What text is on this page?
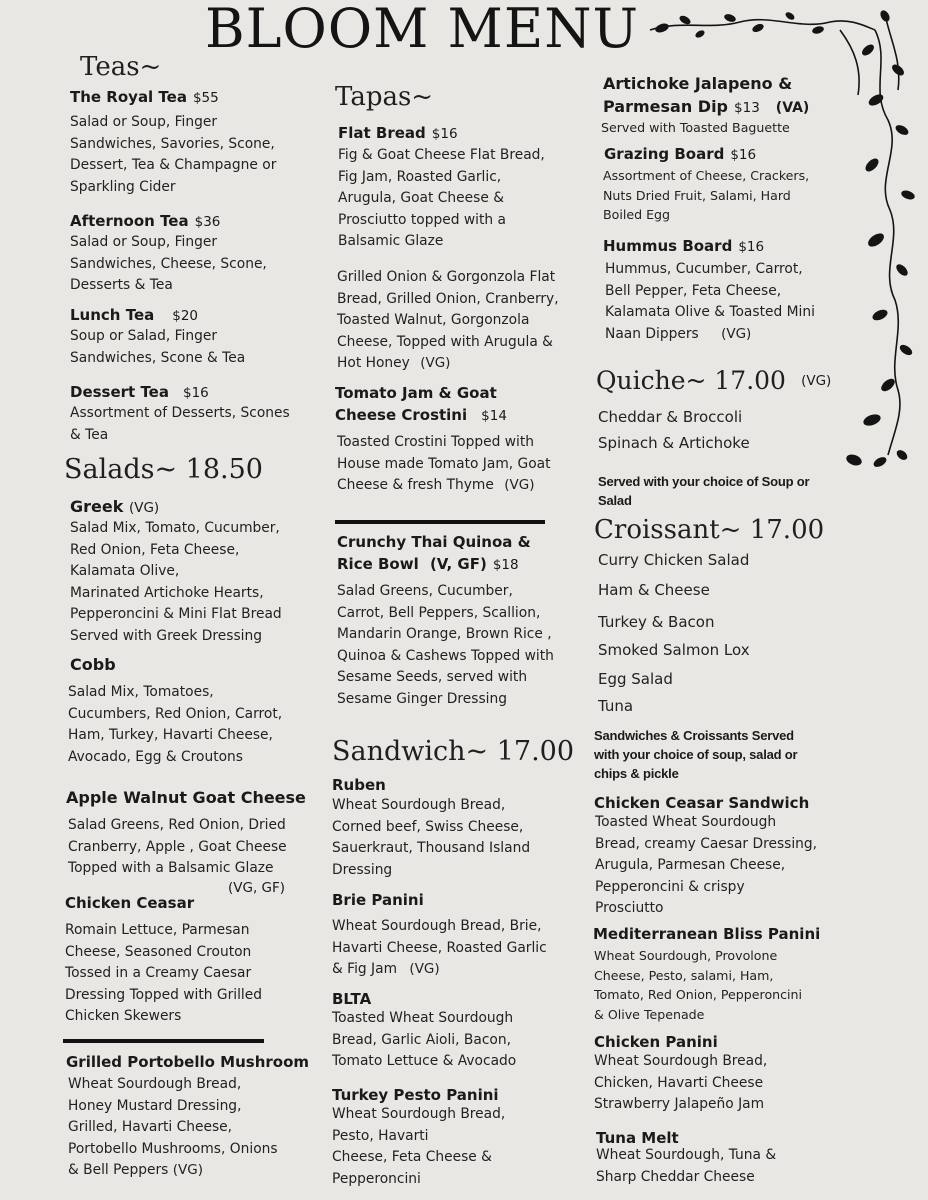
BLOOM MENU
Teas~
The Royal Tea $55
Salad or Soup, Finger
Sandwiches, Savories, Scone,
Dessert, Tea & Champagne or
Sparkling Cider
Afternoon Tea $36
Salad or Soup, Finger
Sandwiches, Cheese, Scone,
Desserts & Tea
Lunch Tea $20
Soup or Salad, Finger
Sandwiches, Scone & Tea
Dessert Tea $16
Assortment of Desserts, Scones
& Tea
Salads~ 18.50
Greek (VG)
Salad Mix, Tomato, Cucumber,
Red Onion, Feta Cheese,
Kalamata Olive,
Marinated Artichoke Hearts,
Pepperoncini & Mini Flat Bread
Served with Greek Dressing
Cobb
Salad Mix, Tomatoes,
Cucumbers, Red Onion, Carrot,
Ham, Turkey, Havarti Cheese,
Avocado, Egg & Croutons
Apple Walnut Goat Cheese
Salad Greens, Red Onion, Dried
Cranberry, Apple , Goat Cheese
Topped with a Balsamic Glaze
(VG, GF)
Chicken Ceasar
Romain Lettuce, Parmesan
Cheese, Seasoned Crouton
Tossed in a Creamy Caesar
Dressing Topped with Grilled
Chicken Skewers
Grilled Portobello Mushroom
Wheat Sourdough Bread,
Honey Mustard Dressing,
Grilled, Havarti Cheese,
Portobello Mushrooms, Onions
& Bell Peppers (VG)
Tapas~
Flat Bread $16
Fig & Goat Cheese Flat Bread,
Fig Jam, Roasted Garlic,
Arugula, Goat Cheese &
Prosciutto topped with a
Balsamic Glaze
Grilled Onion & Gorgonzola Flat
Bread, Grilled Onion, Cranberry,
Toasted Walnut, Gorgonzola
Cheese, Topped with Arugula &
Hot Honey (VG)
Tomato Jam & Goat
Cheese Crostini $14
Toasted Crostini Topped with
House made Tomato Jam, Goat
Cheese & fresh Thyme (VG)
Crunchy Thai Quinoa &
Rice Bowl (V, GF) $18
Salad Greens, Cucumber,
Carrot, Bell Peppers, Scallion,
Mandarin Orange, Brown Rice ,
Quinoa & Cashews Topped with
Sesame Seeds, served with
Sesame Ginger Dressing
Sandwich~ 17.00
Ruben
Wheat Sourdough Bread,
Corned beef, Swiss Cheese,
Sauerkraut, Thousand Island
Dressing
Brie Panini
Wheat Sourdough Bread, Brie,
Havarti Cheese, Roasted Garlic
& Fig Jam (VG)
BLTA
Toasted Wheat Sourdough
Bread, Garlic Aioli, Bacon,
Tomato Lettuce & Avocado
Turkey Pesto Panini
Wheat Sourdough Bread,
Pesto, Havarti
Cheese, Feta Cheese &
Pepperoncini
Artichoke Jalapeno &
Parmesan Dip $13 (VA)
Served with Toasted Baguette
Grazing Board $16
Assortment of Cheese, Crackers,
Nuts Dried Fruit, Salami, Hard
Boiled Egg
Hummus Board $16
Hummus, Cucumber, Carrot,
Bell Pepper, Feta Cheese,
Kalamata Olive & Toasted Mini
Naan Dippers (VG)
Quiche~ 17.00 $^{(VG)}$
Cheddar & Broccoli
Spinach & Artichoke
Served with your choice of Soup or
Salad
Croissant~ 17.00
Curry Chicken Salad
Ham & Cheese
Turkey & Bacon
Smoked Salmon Lox
Egg Salad
Tuna
Sandwiches & Croissants Served
with your choice of soup, salad or
chips & pickle
Chicken Ceasar Sandwich
Toasted Wheat Sourdough
Bread, creamy Caesar Dressing,
Arugula, Parmesan Cheese,
Pepperoncini & crispy
Prosciutto
Mediterranean Bliss Panini
Wheat Sourdough, Provolone
Cheese, Pesto, salami, Ham,
Tomato, Red Onion, Pepperoncini
& Olive Tepenade
Chicken Panini
Wheat Sourdough Bread,
Chicken, Havarti Cheese
Strawberry Jalapeño Jam
Tuna Melt
Wheat Sourdough, Tuna &
Sharp Cheddar Cheese
